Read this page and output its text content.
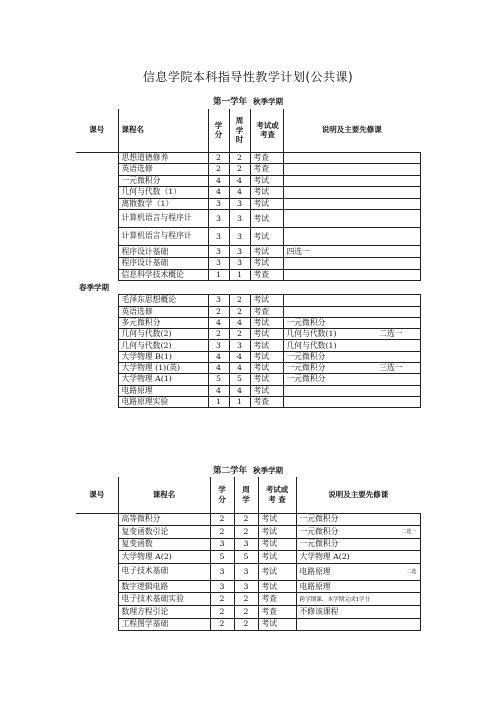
信息学院本科指导性教学计划(公共课)
第一学年 秋季学期
课号	课程名	学分	周学时	考试或考查	说明及主要先修课
	思想道德修养	2	2	考查	
	英语选修	2	2	考查	
	一元微积分	4	4	考试	
	几何与代数（1）	4	4	考试	
	离散数学（1）	3	3	考试	
	计算机语言与程序计	3	3	考试	
	计算机语言与程序计	3	3	考试	
	程序设计基础	3	3	考试	四选一
	程序设计基础	3	3	考试	
	信息科学技术概论	1	1	考查	
春季学期					
	毛泽东思想概论	3	2	考试	

	英语选修	2	2	考查	

	多元微积分	4	4	考试	一元微积分

	几何与代数(2)	2	2	考试	几何与代数(1) 二选一

	几何与代数(2)	3	3	考试	几何与代数(1)

	大学物理 B(1)	4	4	考试	一元微积分

	大学物理 (1)(英)	4	4	考试	一元微积分 三选一

	大学物理 A(1)	5	5	考试	一元微积分

	电路原理	4	4	考试	

	电路原理实验	1	1	考查	
第二学年 秋季学期
课号	课程名	学分	周学	考试或考 查	说明及主要先修课
	高等微积分	2	2	考试	一元微积分

	复变函数引论	2	2	考试	一元微积分 二选一

	复变函数	3	3	考试	一元微积分

	大学物理 A(2)	5	5	考试	大学物理 A(2)

	电子技术基础	3	3	考试	电路原理 二选

	数字逻辑电路	3	3	考试	电路原理

	电子技术基础实验	2	2	考查	跨学期课、本学期完成1学分

	数理方程引论	2	2	考查	不修该课程

	工程图学基础	2	2	考试	
